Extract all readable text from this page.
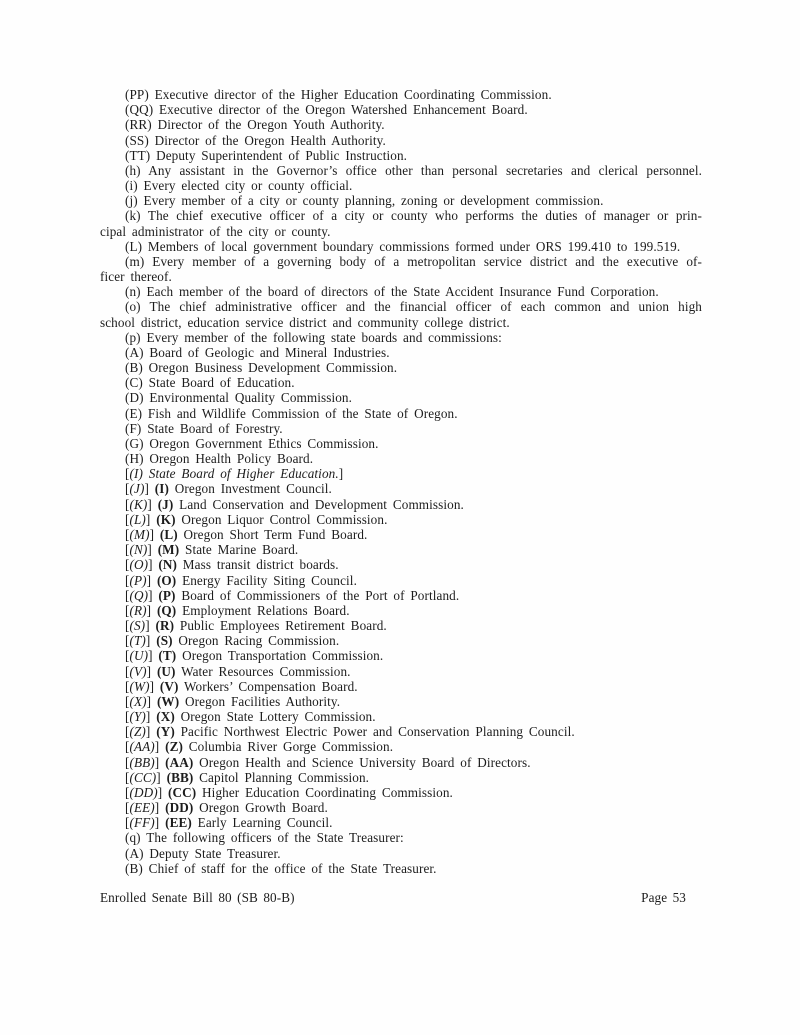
(PP) Executive director of the Higher Education Coordinating Commission.
(QQ) Executive director of the Oregon Watershed Enhancement Board.
(RR) Director of the Oregon Youth Authority.
(SS) Director of the Oregon Health Authority.
(TT) Deputy Superintendent of Public Instruction.
(h) Any assistant in the Governor’s office other than personal secretaries and clerical personnel.
(i) Every elected city or county official.
(j) Every member of a city or county planning, zoning or development commission.
(k) The chief executive officer of a city or county who performs the duties of manager or prin-
cipal administrator of the city or county.
(L) Members of local government boundary commissions formed under ORS 199.410 to 199.519.
(m) Every member of a governing body of a metropolitan service district and the executive of-
ficer thereof.
(n) Each member of the board of directors of the State Accident Insurance Fund Corporation.
(o) The chief administrative officer and the financial officer of each common and union high
school district, education service district and community college district.
(p) Every member of the following state boards and commissions:
(A) Board of Geologic and Mineral Industries.
(B) Oregon Business Development Commission.
(C) State Board of Education.
(D) Environmental Quality Commission.
(E) Fish and Wildlife Commission of the State of Oregon.
(F) State Board of Forestry.
(G) Oregon Government Ethics Commission.
(H) Oregon Health Policy Board.
[(I) State Board of Higher Education.]
[(J)] (I) Oregon Investment Council.
[(K)] (J) Land Conservation and Development Commission.
[(L)] (K) Oregon Liquor Control Commission.
[(M)] (L) Oregon Short Term Fund Board.
[(N)] (M) State Marine Board.
[(O)] (N) Mass transit district boards.
[(P)] (O) Energy Facility Siting Council.
[(Q)] (P) Board of Commissioners of the Port of Portland.
[(R)] (Q) Employment Relations Board.
[(S)] (R) Public Employees Retirement Board.
[(T)] (S) Oregon Racing Commission.
[(U)] (T) Oregon Transportation Commission.
[(V)] (U) Water Resources Commission.
[(W)] (V) Workers’ Compensation Board.
[(X)] (W) Oregon Facilities Authority.
[(Y)] (X) Oregon State Lottery Commission.
[(Z)] (Y) Pacific Northwest Electric Power and Conservation Planning Council.
[(AA)] (Z) Columbia River Gorge Commission.
[(BB)] (AA) Oregon Health and Science University Board of Directors.
[(CC)] (BB) Capitol Planning Commission.
[(DD)] (CC) Higher Education Coordinating Commission.
[(EE)] (DD) Oregon Growth Board.
[(FF)] (EE) Early Learning Council.
(q) The following officers of the State Treasurer:
(A) Deputy State Treasurer.
(B) Chief of staff for the office of the State Treasurer.
Enrolled Senate Bill 80 (SB 80-B)	Page 53
